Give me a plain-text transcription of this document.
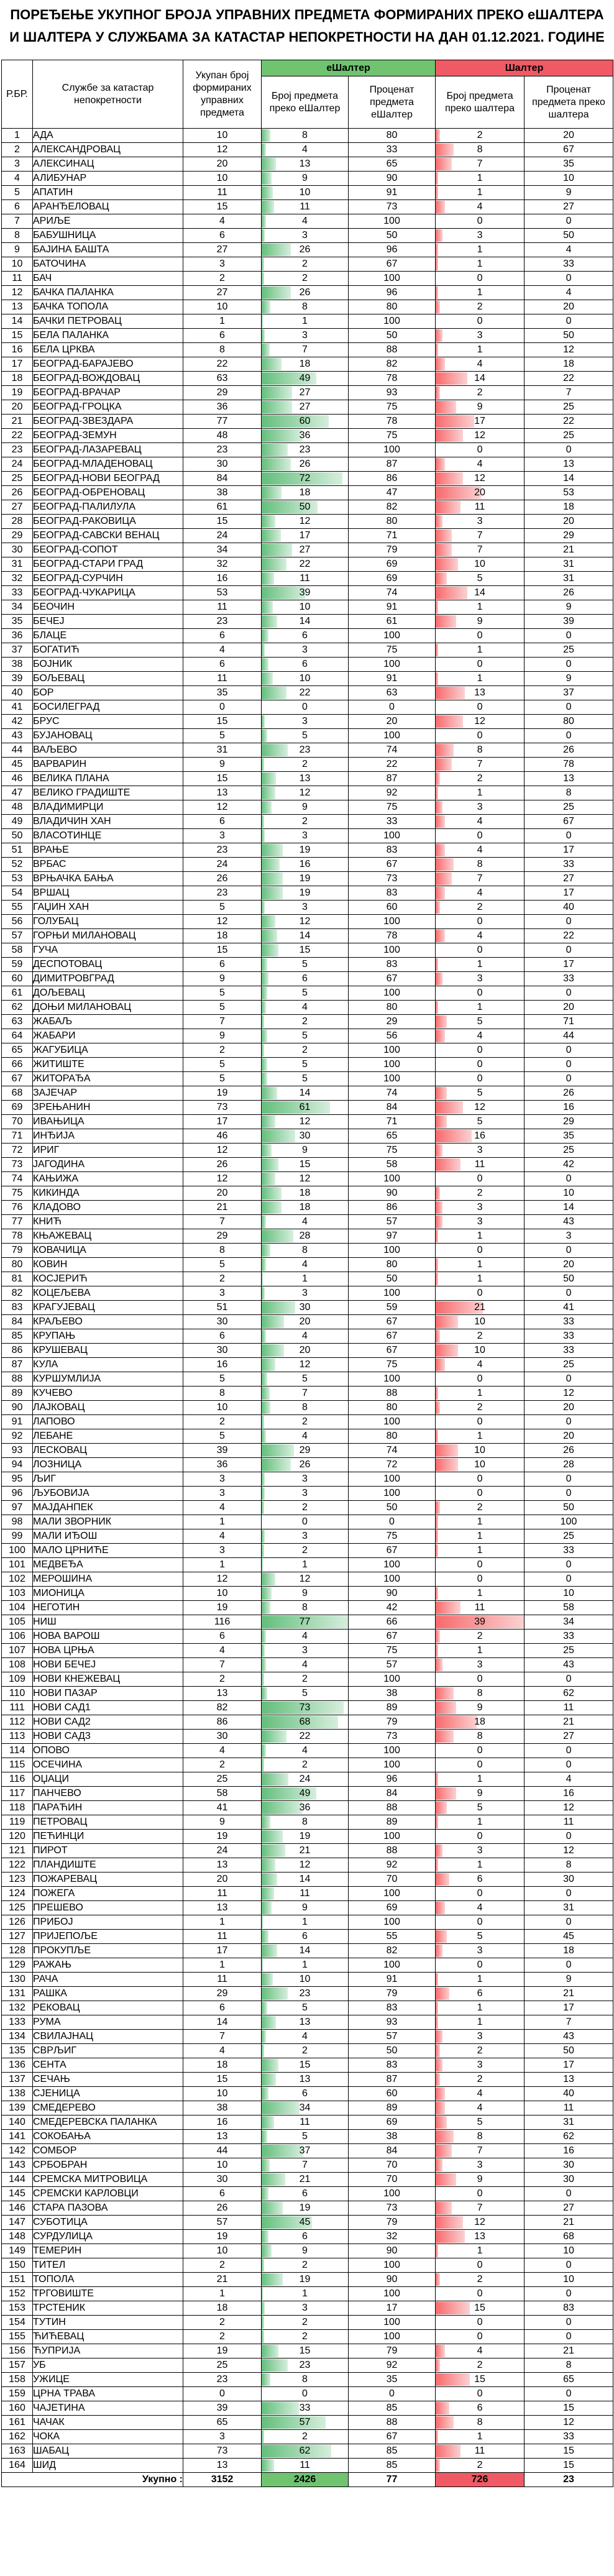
ПОРЕЂЕЊЕ УКУПНОГ БРОЈА УПРАВНИХ ПРЕДМЕТА ФОРМИРАНИХ ПРЕКО еШАЛТЕРА И ШАЛТЕРА У СЛУЖБАМА ЗА КАТАСТАР НЕПОКРЕТНОСТИ НА ДАН 01.12.2021. ГОДИНЕ
Р.БР.	Службе за катастар непокретности	Укупан број формираних управних предмета	еШалтер		Шалтер	
			Број предмета преко еШалтер	Проценат предмета еШалтер	Број предмета преко шалтера	Проценат предмета преко шалтера
1	АДА	10	8	80	2	20
2	АЛЕКСАНДРОВАЦ	12	4	33	8	67
3	АЛЕКСИНАЦ	20	13	65	7	35
4	АЛИБУНАР	10	9	90	1	10
5	АПАТИН	11	10	91	1	9
6	АРАНЂЕЛОВАЦ	15	11	73	4	27
7	АРИЉЕ	4	4	100	0	0
8	БАБУШНИЦА	6	3	50	3	50
9	БАЈИНА БАШТА	27	26	96	1	4
10	БАТОЧИНА	3	2	67	1	33
11	БАЧ	2	2	100	0	0
12	БАЧКА ПАЛАНКА	27	26	96	1	4
13	БАЧКА ТОПОЛА	10	8	80	2	20
14	БАЧКИ ПЕТРОВАЦ	1	1	100	0	0
15	БЕЛА ПАЛАНКА	6	3	50	3	50
16	БЕЛА ЦРКВА	8	7	88	1	12
17	БЕОГРАД-БАРАЈЕВО	22	18	82	4	18
18	БЕОГРАД-ВОЖДОВАЦ	63	49	78	14	22
19	БЕОГРАД-ВРАЧАР	29	27	93	2	7
20	БЕОГРАД-ГРОЦКА	36	27	75	9	25
21	БЕОГРАД-ЗВЕЗДАРА	77	60	78	17	22
22	БЕОГРАД-ЗЕМУН	48	36	75	12	25
23	БЕОГРАД-ЛАЗАРЕВАЦ	23	23	100	0	0
24	БЕОГРАД-МЛАДЕНОВАЦ	30	26	87	4	13
25	БЕОГРАД-НОВИ БЕОГРАД	84	72	86	12	14
26	БЕОГРАД-ОБРЕНОВАЦ	38	18	47	20	53
27	БЕОГРАД-ПАЛИЛУЛА	61	50	82	11	18
28	БЕОГРАД-РАКОВИЦА	15	12	80	3	20
29	БЕОГРАД-САВСКИ ВЕНАЦ	24	17	71	7	29
30	БЕОГРАД-СОПОТ	34	27	79	7	21
31	БЕОГРАД-СТАРИ ГРАД	32	22	69	10	31
32	БЕОГРАД-СУРЧИН	16	11	69	5	31
33	БЕОГРАД-ЧУКАРИЦА	53	39	74	14	26
34	БЕОЧИН	11	10	91	1	9
35	БЕЧЕЈ	23	14	61	9	39
36	БЛАЦЕ	6	6	100	0	0
37	БОГАТИЋ	4	3	75	1	25
38	БОЈНИК	6	6	100	0	0
39	БОЉЕВАЦ	11	10	91	1	9
40	БОР	35	22	63	13	37
41	БОСИЛЕГРАД	0	0	0	0	0
42	БРУС	15	3	20	12	80
43	БУЈАНОВАЦ	5	5	100	0	0
44	ВАЉЕВО	31	23	74	8	26
45	ВАРВАРИН	9	2	22	7	78
46	ВЕЛИКА ПЛАНА	15	13	87	2	13
47	ВЕЛИКО ГРАДИШТЕ	13	12	92	1	8
48	ВЛАДИМИРЦИ	12	9	75	3	25
49	ВЛАДИЧИН ХАН	6	2	33	4	67
50	ВЛАСОТИНЦЕ	3	3	100	0	0
51	ВРАЊЕ	23	19	83	4	17
52	ВРБАС	24	16	67	8	33
53	ВРЊАЧКА БАЊА	26	19	73	7	27
54	ВРШАЦ	23	19	83	4	17
55	ГАЏИН ХАН	5	3	60	2	40
56	ГОЛУБАЦ	12	12	100	0	0
57	ГОРЊИ МИЛАНОВАЦ	18	14	78	4	22
58	ГУЧА	15	15	100	0	0
59	ДЕСПОТОВАЦ	6	5	83	1	17
60	ДИМИТРОВГРАД	9	6	67	3	33
61	ДОЉЕВАЦ	5	5	100	0	0
62	ДОЊИ МИЛАНОВАЦ	5	4	80	1	20
63	ЖАБАЉ	7	2	29	5	71
64	ЖАБАРИ	9	5	56	4	44
65	ЖАГУБИЦА	2	2	100	0	0
66	ЖИТИШТЕ	5	5	100	0	0
67	ЖИТОРАЂА	5	5	100	0	0
68	ЗАЈЕЧАР	19	14	74	5	26
69	ЗРЕЊАНИН	73	61	84	12	16
70	ИВАЊИЦА	17	12	71	5	29
71	ИНЂИЈА	46	30	65	16	35
72	ИРИГ	12	9	75	3	25
73	ЈАГОДИНА	26	15	58	11	42
74	КАЊИЖА	12	12	100	0	0
75	КИКИНДА	20	18	90	2	10
76	КЛАДОВО	21	18	86	3	14
77	КНИЋ	7	4	57	3	43
78	КЊАЖЕВАЦ	29	28	97	1	3
79	КОВАЧИЦА	8	8	100	0	0
80	КОВИН	5	4	80	1	20
81	КОСЈЕРИЋ	2	1	50	1	50
82	КОЦЕЉЕВА	3	3	100	0	0
83	КРАГУЈЕВАЦ	51	30	59	21	41
84	КРАЉЕВО	30	20	67	10	33
85	КРУПАЊ	6	4	67	2	33
86	КРУШЕВАЦ	30	20	67	10	33
87	КУЛА	16	12	75	4	25
88	КУРШУМЛИЈА	5	5	100	0	0
89	КУЧЕВО	8	7	88	1	12
90	ЛАЈКОВАЦ	10	8	80	2	20
91	ЛАПОВО	2	2	100	0	0
92	ЛЕБАНЕ	5	4	80	1	20
93	ЛЕСКОВАЦ	39	29	74	10	26
94	ЛОЗНИЦА	36	26	72	10	28
95	ЉИГ	3	3	100	0	0
96	ЉУБОВИЈА	3	3	100	0	0
97	МАЈДАНПЕК	4	2	50	2	50
98	МАЛИ ЗВОРНИК	1	0	0	1	100
99	МАЛИ ИЂОШ	4	3	75	1	25
100	МАЛО ЦРНИЋЕ	3	2	67	1	33
101	МЕДВЕЂА	1	1	100	0	0
102	МЕРОШИНА	12	12	100	0	0
103	МИОНИЦА	10	9	90	1	10
104	НЕГОТИН	19	8	42	11	58
105	НИШ	116	77	66	39	34
106	НОВА ВАРОШ	6	4	67	2	33
107	НОВА ЦРЊА	4	3	75	1	25
108	НОВИ БЕЧЕЈ	7	4	57	3	43
109	НОВИ КНЕЖЕВАЦ	2	2	100	0	0
110	НОВИ ПАЗАР	13	5	38	8	62
111	НОВИ САД1	82	73	89	9	11
112	НОВИ САД2	86	68	79	18	21
113	НОВИ САД3	30	22	73	8	27
114	ОПОВО	4	4	100	0	0
115	ОСЕЧИНА	2	2	100	0	0
116	ОЏАЦИ	25	24	96	1	4
117	ПАНЧЕВО	58	49	84	9	16
118	ПАРАЋИН	41	36	88	5	12
119	ПЕТРОВАЦ	9	8	89	1	11
120	ПЕЋИНЦИ	19	19	100	0	0
121	ПИРОТ	24	21	88	3	12
122	ПЛАНДИШТЕ	13	12	92	1	8
123	ПОЖАРЕВАЦ	20	14	70	6	30
124	ПОЖЕГА	11	11	100	0	0
125	ПРЕШЕВО	13	9	69	4	31
126	ПРИБОЈ	1	1	100	0	0
127	ПРИЈЕПОЉЕ	11	6	55	5	45
128	ПРОКУПЉЕ	17	14	82	3	18
129	РАЖАЊ	1	1	100	0	0
130	РАЧА	11	10	91	1	9
131	РАШКА	29	23	79	6	21
132	РЕКОВАЦ	6	5	83	1	17
133	РУМА	14	13	93	1	7
134	СВИЛАЈНАЦ	7	4	57	3	43
135	СВРЉИГ	4	2	50	2	50
136	СЕНТА	18	15	83	3	17
137	СЕЧАЊ	15	13	87	2	13
138	СЈЕНИЦА	10	6	60	4	40
139	СМЕДЕРЕВО	38	34	89	4	11
140	СМЕДЕРЕВСКА ПАЛАНКА	16	11	69	5	31
141	СОКОБАЊА	13	5	38	8	62
142	СОМБОР	44	37	84	7	16
143	СРБОБРАН	10	7	70	3	30
144	СРЕМСКА МИТРОВИЦА	30	21	70	9	30
145	СРЕМСКИ КАРЛОВЦИ	6	6	100	0	0
146	СТАРА ПАЗОВА	26	19	73	7	27
147	СУБОТИЦА	57	45	79	12	21
148	СУРДУЛИЦА	19	6	32	13	68
149	ТЕМЕРИН	10	9	90	1	10
150	ТИТЕЛ	2	2	100	0	0
151	ТОПОЛА	21	19	90	2	10
152	ТРГОВИШТЕ	1	1	100	0	0
153	ТРСТЕНИК	18	3	17	15	83
154	ТУТИН	2	2	100	0	0
155	ЋИЋЕВАЦ	2	2	100	0	0
156	ЋУПРИЈА	19	15	79	4	21
157	УБ	25	23	92	2	8
158	УЖИЦЕ	23	8	35	15	65
159	ЦРНА ТРАВА	0	0	0	0	0
160	ЧАЈЕТИНА	39	33	85	6	15
161	ЧАЧАК	65	57	88	8	12
162	ЧОКА	3	2	67	1	33
163	ШАБАЦ	73	62	85	11	15
164	ШИД	13	11	85	2	15
Укупно :		3152	2426	77	726	23
